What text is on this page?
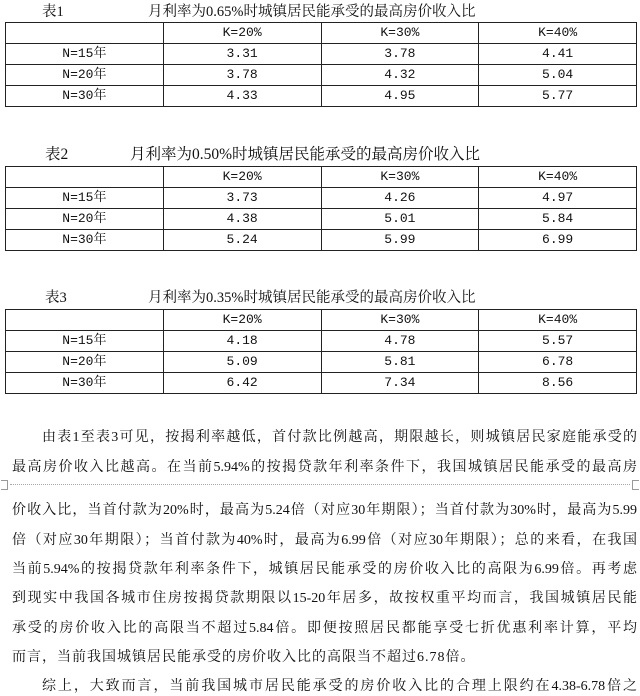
表1	月利率为0.65%时城镇居民能承受的最高房价收入比
	K=20%	K=30%	K=40%
N=15年	3.31	3.78	4.41
N=20年	3.78	4.32	5.04
N=30年	4.33	4.95	5.77
表2	月利率为0.50%时城镇居民能承受的最高房价收入比
	K=20%	K=30%	K=40%
N=15年	3.73	4.26	4.97
N=20年	4.38	5.01	5.84
N=30年	5.24	5.99	6.99
表3	月利率为0.35%时城镇居民能承受的最高房价收入比
	K=20%	K=30%	K=40%
N=15年	4.18	4.78	5.57
N=20年	5.09	5.81	6.78
N=30年	6.42	7.34	8.56
由表1至表3可见，按揭利率越低，首付款比例越高，期限越长，则城镇居民家庭能承受的
最高房价收入比越高。在当前5.94%的按揭贷款年利率条件下，我国城镇居民能承受的最高房
价收入比，当首付款为20%时，最高为5.24倍（对应30年期限）；当首付款为30%时，最高为5.99
倍（对应30年期限）；当首付款为40%时，最高为6.99倍（对应30年期限）；总的来看，在我国
当前5.94%的按揭贷款年利率条件下，城镇居民能承受的房价收入比的高限为6.99倍。再考虑
到现实中我国各城市住房按揭贷款期限以15-20年居多，故按权重平均而言，我国城镇居民能
承受的房价收入比的高限当不超过5.84倍。即便按照居民都能享受七折优惠利率计算，平均
而言，当前我国城镇居民能承受的房价收入比的高限当不超过6.78倍。
综上，大致而言，当前我国城市居民能承受的房价收入比的合理上限约在4.38-6.78倍之
